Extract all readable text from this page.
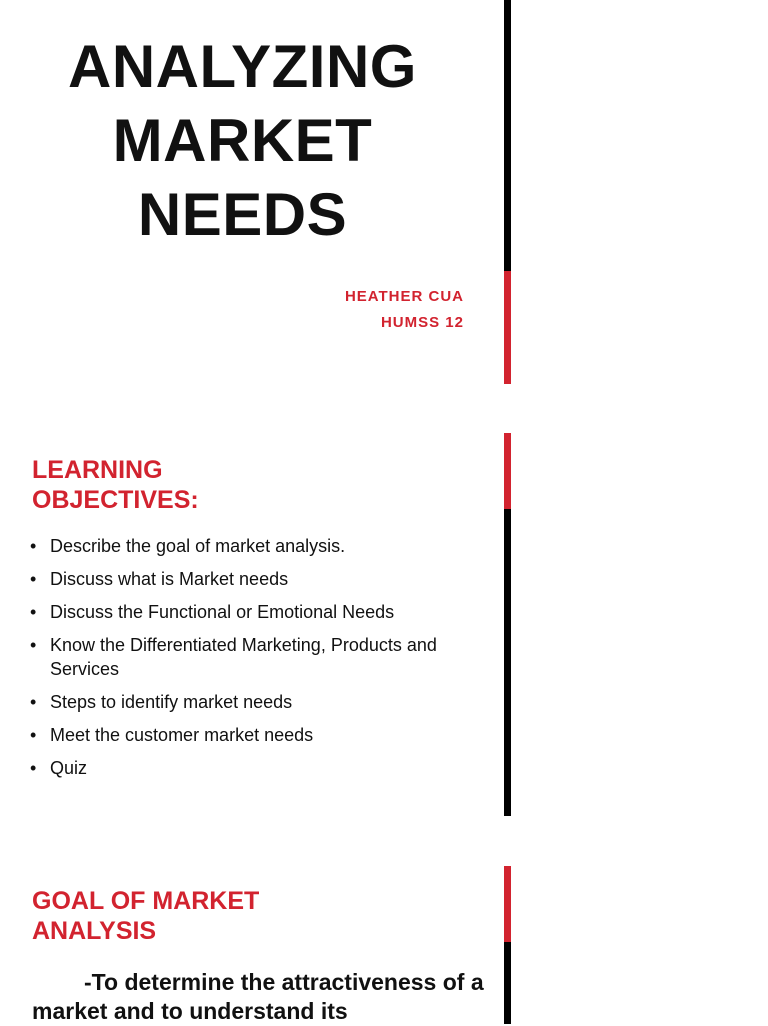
ANALYZING
MARKET
NEEDS
HEATHER CUA
HUMSS 12
LEARNING
OBJECTIVES:
• Describe the goal of market analysis.
• Discuss what is Market needs
• Discuss the Functional or Emotional Needs
• Know the Differentiated Marketing, Products and Services
• Steps to identify market needs
• Meet the customer market needs
• Quiz
GOAL OF MARKET
ANALYSIS

-To determine the attractiveness of a market and to understand its
